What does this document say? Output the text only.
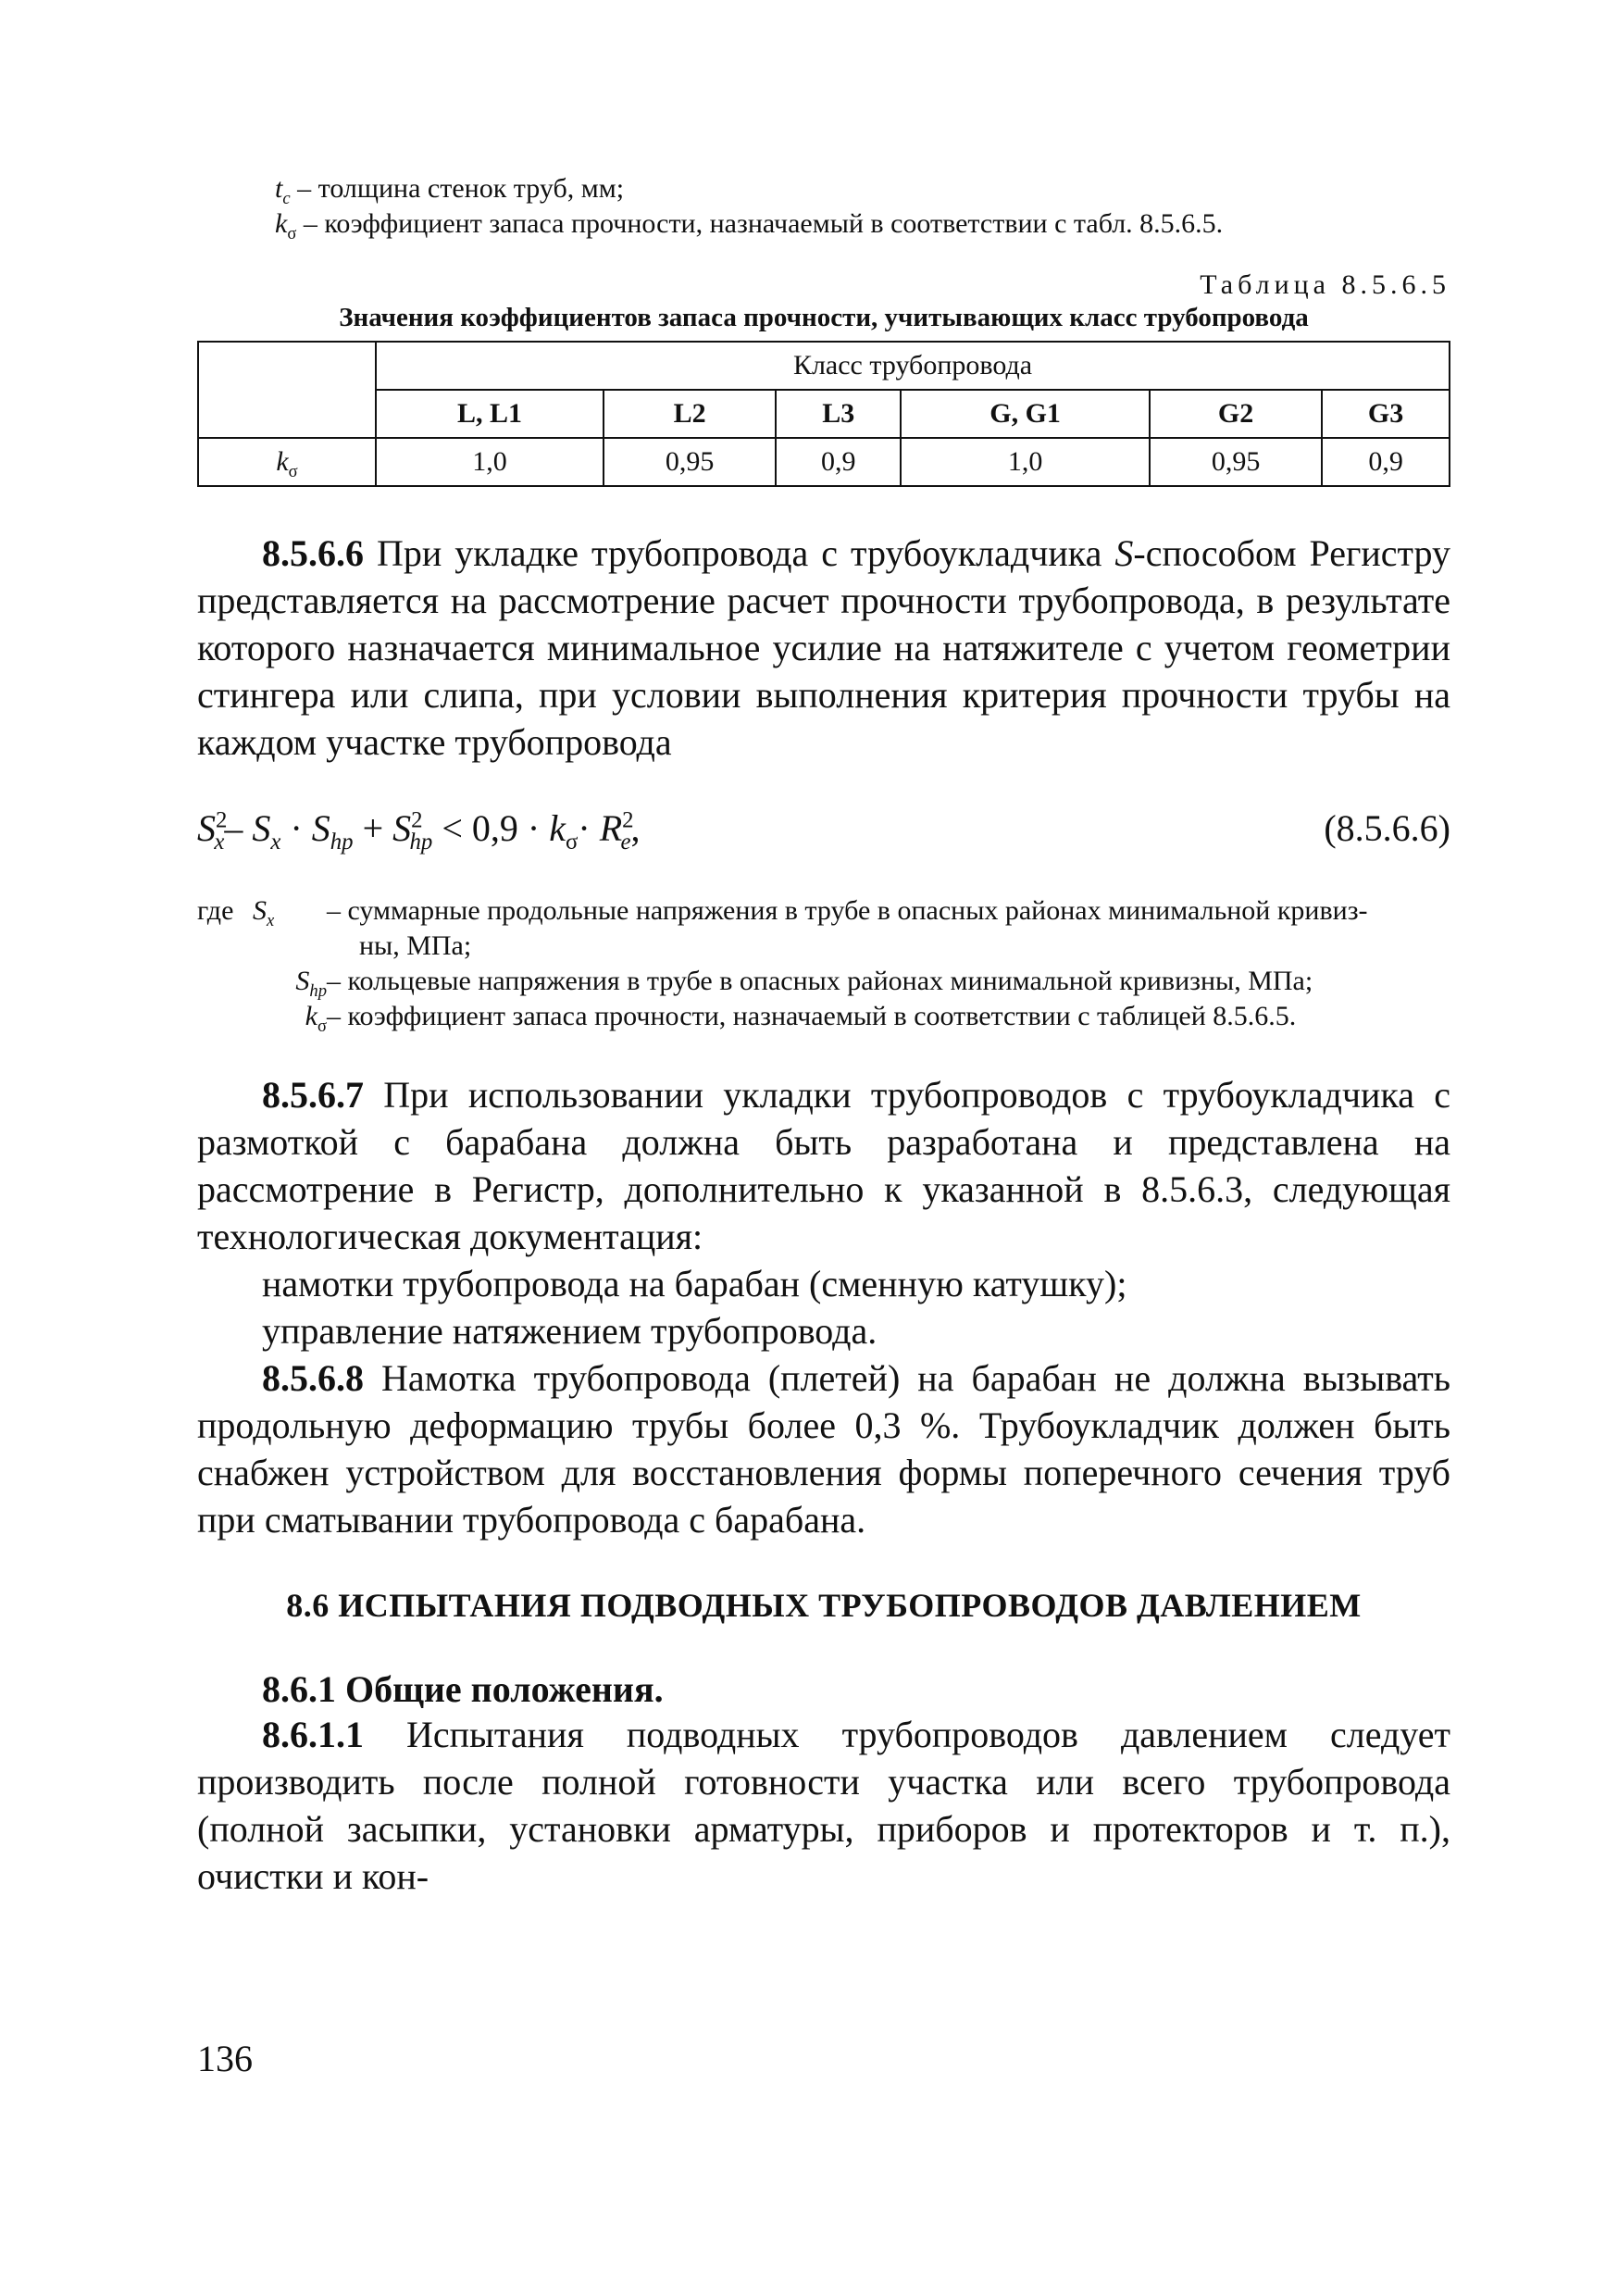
$t_c$ – толщина стенок труб, мм;
$k_\sigma$ – коэффициент запаса прочности, назначаемый в соответствии с табл. 8.5.6.5.
Таблица 8.5.6.5
Значения коэффициентов запаса прочности, учитывающих класс трубопровода
	Класс трубопровода					
	L, L1	L2	L3	G, G1	G2	G3
$k_\sigma$	1,0	0,95	0,9	1,0	0,95	0,9

8.5.6.6 При укладке трубопровода с трубоукладчика S-способом Регистру представляется на рассмотрение расчет прочности трубопровода, в результате которого назначается минимальное усилие на натяжителе с учетом геометрии стингера или слипа, при условии выполнения критерия прочности трубы на каждом участке трубопровода

$S^2_x-$ $S_x \cdot S_{hp} + S^2_{hp} < 0,9 \cdot k_\sigma\cdot R^2_e$,	(8.5.6.6)
где $S_x$	– суммарные продольные напряжения в трубе в опасных районах минимальной кривиз-
ны, МПа;
$S_{hp}$ – кольцевые напряжения в трубе в опасных районах минимальной кривизны, МПа;
$k_\sigma$ – коэффициент запаса прочности, назначаемый в соответствии с таблицей 8.5.6.5.

8.5.6.7 При использовании укладки трубопроводов с трубоукладчика с размоткой с барабана должна быть разработана и представлена на рассмотрение в Регистр, дополнительно к указанной в 8.5.6.3, следующая технологическая документация:

намотки трубопровода на барабан (сменную катушку);

управление натяжением трубопровода.

8.5.6.8 Намотка трубопровода (плетей) на барабан не должна вызывать продольную деформацию трубы более 0,3 %. Трубоукладчик должен быть снабжен устройством для восстановления формы поперечного сечения труб при сматывании трубопровода с барабана.

8.6 ИСПЫТАНИЯ ПОДВОДНЫХ ТРУБОПРОВОДОВ ДАВЛЕНИЕМ
8.6.1 Общие положения.

8.6.1.1 Испытания подводных трубопроводов давлением следует производить после полной готовности участка или всего трубопровода (полной засыпки, установки арматуры, приборов и протекторов и т. п.), очистки и кон-

136
